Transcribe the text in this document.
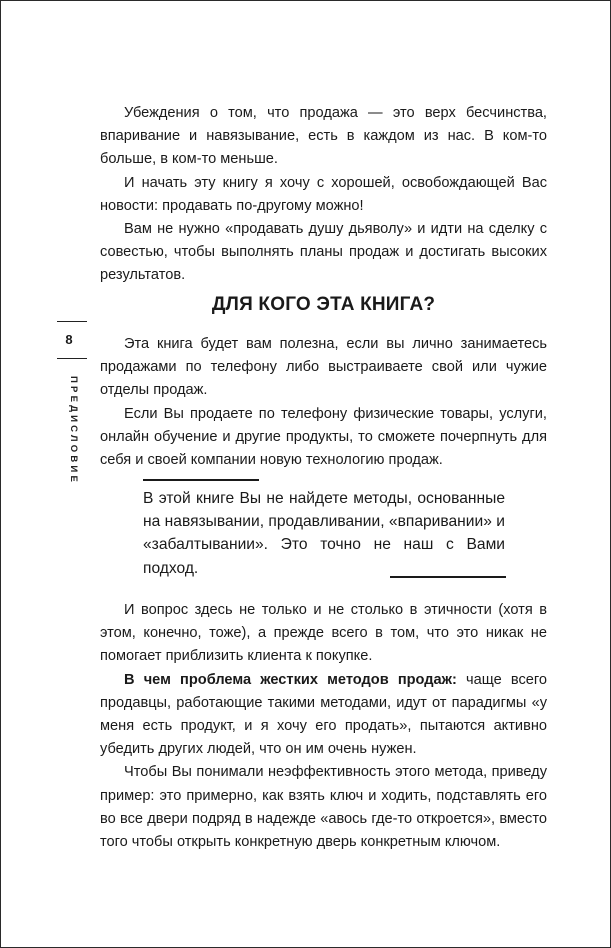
Убеждения о том, что продажа — это верх бесчинства, впаривание и навязывание, есть в каждом из нас. В ком-то больше, в ком-то меньше.

И начать эту книгу я хочу с хорошей, освобождающей Вас новости: продавать по-другому можно!

Вам не нужно «продавать душу дьяволу» и идти на сделку с совестью, чтобы выполнять планы продаж и достигать высоких результатов.

ДЛЯ КОГО ЭТА КНИГА?
8
ПРЕДИСЛОВИЕ

Эта книга будет вам полезна, если вы лично занимаетесь продажами по телефону либо выстраиваете свой или чужие отделы продаж.

Если Вы продаете по телефону физические товары, услуги, онлайн обучение и другие продукты, то сможете почерпнуть для себя и своей компании новую технологию продаж.

В этой книге Вы не найдете методы, основанные на навязывании, продавливании, «впаривании» и «забалтывании». Это точно не наш с Вами подход.

И вопрос здесь не только и не столько в этичности (хотя в этом, конечно, тоже), а прежде всего в том, что это никак не помогает приблизить клиента к покупке.

В чем проблема жестких методов продаж: чаще всего продавцы, работающие такими методами, идут от парадигмы «у меня есть продукт, и я хочу его продать», пытаются активно убедить других людей, что он им очень нужен.

Чтобы Вы понимали неэффективность этого метода, приведу пример: это примерно, как взять ключ и ходить, подставлять его во все двери подряд в надежде «авось где-то откроется», вместо того чтобы открыть конкретную дверь конкретным ключом.
